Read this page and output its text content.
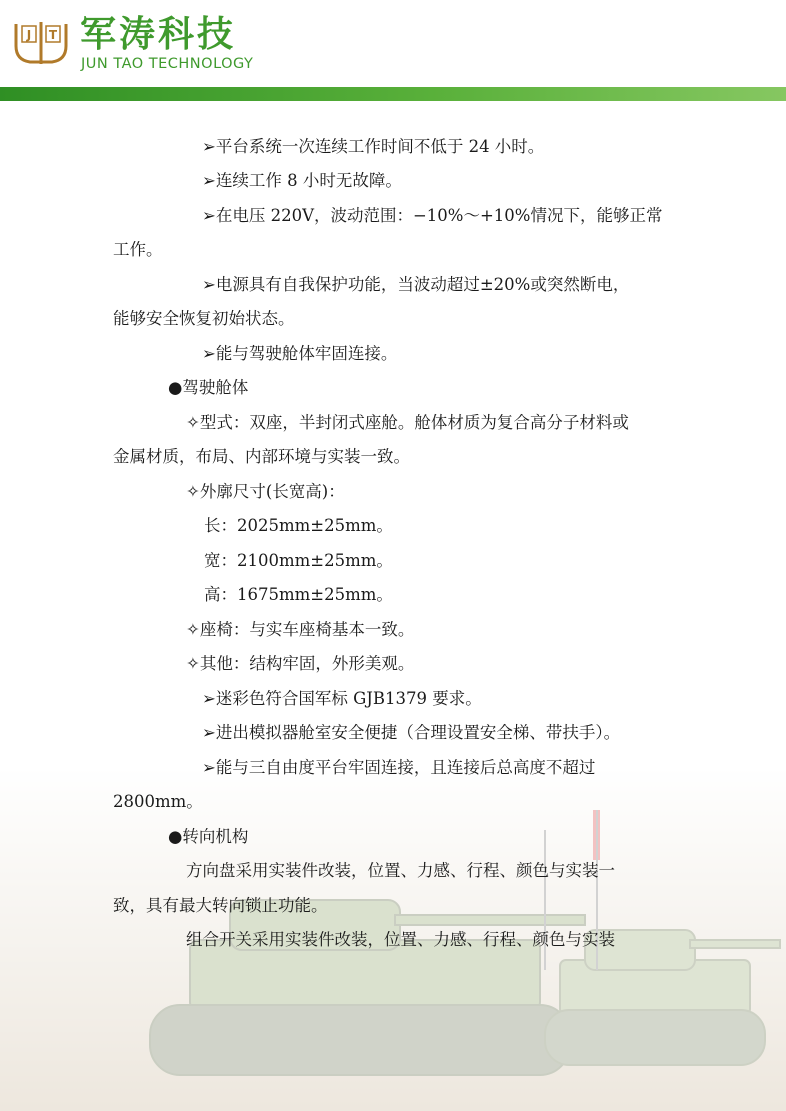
J T 军涛科技
JUN TAO TECHNOLOGY
➢平台系统一次连续工作时间不低于 24 小时。
➢连续工作 8 小时无故障。
➢在电压 220V，波动范围：−10%～+10%情况下，能够正常
工作。
➢电源具有自我保护功能，当波动超过±20%或突然断电，
能够安全恢复初始状态。
➢能与驾驶舱体牢固连接。
●驾驶舱体
✧型式：双座，半封闭式座舱。舱体材质为复合高分子材料或
金属材质，布局、内部环境与实装一致。
✧外廓尺寸(长宽高)：
长：2025mm±25mm。
宽：2100mm±25mm。
高：1675mm±25mm。
✧座椅：与实车座椅基本一致。
✧其他：结构牢固，外形美观。
➢迷彩色符合国军标 GJB1379 要求。
➢进出模拟器舱室安全便捷（合理设置安全梯、带扶手）。
➢能与三自由度平台牢固连接，且连接后总高度不超过
2800mm。
●转向机构
方向盘采用实装件改装，位置、力感、行程、颜色与实装一
致，具有最大转向锁止功能。
组合开关采用实装件改装，位置、力感、行程、颜色与实装
